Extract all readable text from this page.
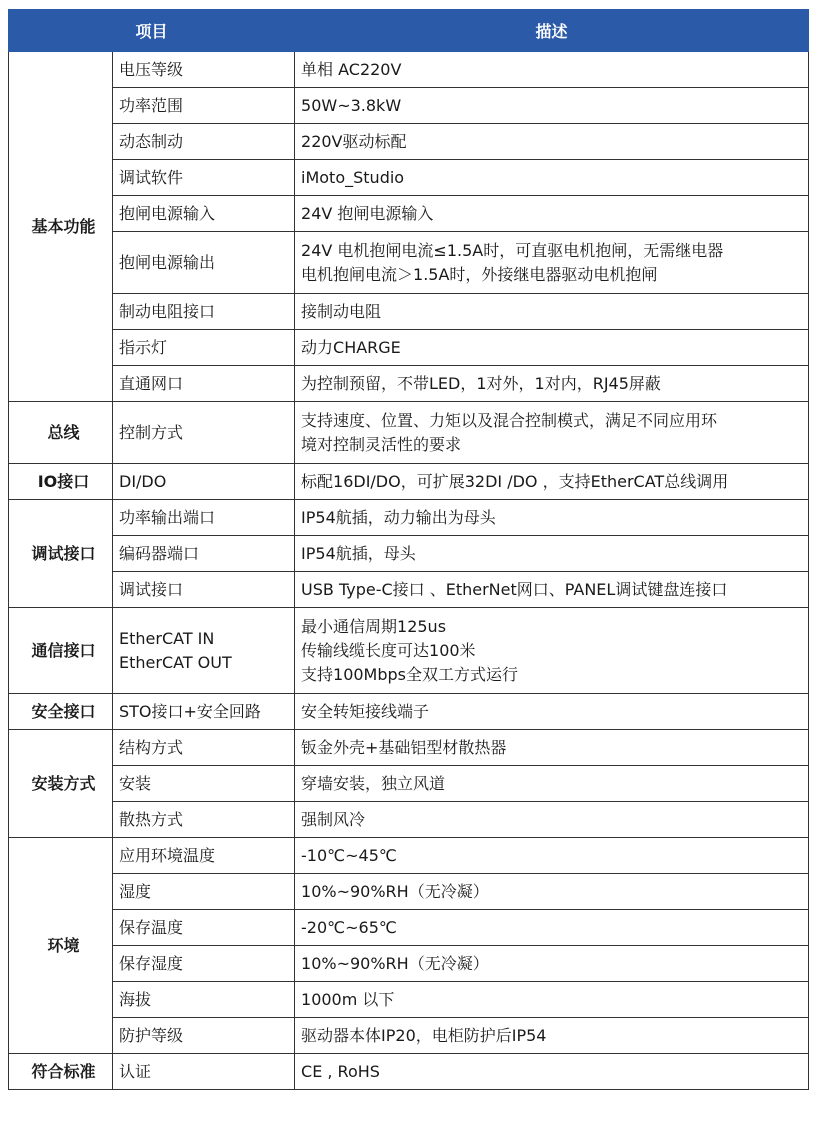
项目		描述
基本功能	电压等级	单相 AC220V

	功率范围	50W~3.8kW

	动态制动	220V驱动标配

	调试软件	iMoto_Studio

	抱闸电源输入	24V 抱闸电源输入

	抱闸电源输出	24V 电机抱闸电流≤1.5A时，可直驱电机抱闸，无需继电器
电机抱闸电流＞1.5A时，外接继电器驱动电机抱闸

	制动电阻接口	接制动电阻

	指示灯	动力CHARGE

	直通网口	为控制预留，不带LED，1对外，1对内，RJ45屏蔽

总线	控制方式	支持速度、位置、力矩以及混合控制模式，满足不同应用环
境对控制灵活性的要求

IO接口	DI/DO	标配16DI/DO，可扩展32DI /DO ，支持EtherCAT总线调用

调试接口	功率输出端口	IP54航插，动力输出为母头

	编码器端口	IP54航插，母头

	调试接口	USB Type-C接口 、EtherNet网口、PANEL调试键盘连接口

通信接口	EtherCAT IN
EtherCAT OUT	最小通信周期125us
传输线缆长度可达100米
支持100Mbps全双工方式运行

安全接口	STO接口+安全回路	安全转矩接线端子

安装方式	结构方式	钣金外壳+基础铝型材散热器

	安装	穿墙安装，独立风道

	散热方式	强制风冷

环境	应用环境温度	-10℃~45℃

	湿度	10%~90%RH（无冷凝）

	保存温度	-20℃~65℃

	保存湿度	10%~90%RH（无冷凝）

	海拔	1000m 以下

	防护等级	驱动器本体IP20，电柜防护后IP54

符合标准	认证	CE , RoHS
